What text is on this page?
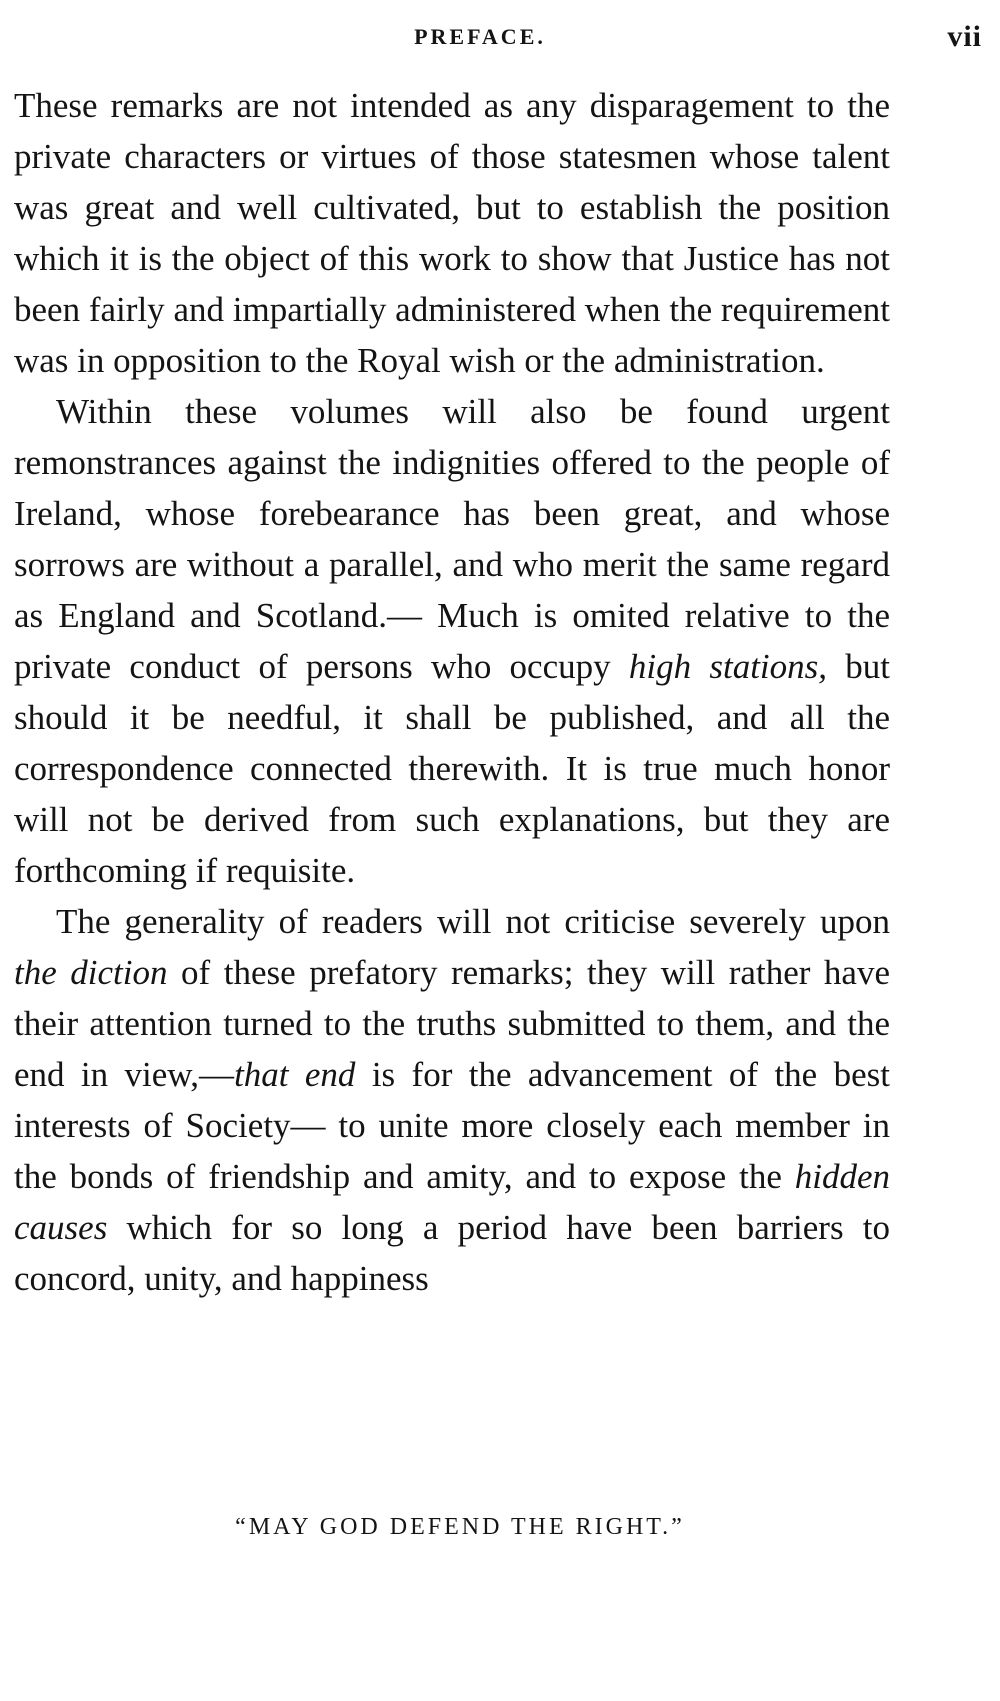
PREFACE.	vii

These remarks are not intended as any disparagement to the private characters or virtues of those statesmen whose talent was great and well cultivated, but to establish the position which it is the object of this work to show that Justice has not been fairly and impartially administered when the requirement was in opposition to the Royal wish or the administration.

Within these volumes will also be found urgent remonstrances against the indignities offered to the people of Ireland, whose forebearance has been great, and whose sorrows are without a parallel, and who merit the same regard as England and Scotland.— Much is omited relative to the private conduct of persons who occupy high stations, but should it be needful, it shall be published, and all the correspondence connected therewith. It is true much honor will not be derived from such explanations, but they are forthcoming if requisite.

The generality of readers will not criticise severely upon the diction of these prefatory remarks; they will rather have their attention turned to the truths submitted to them, and the end in view,—that end is for the advancement of the best interests of Society— to unite more closely each member in the bonds of friendship and amity, and to expose the hidden causes which for so long a period have been barriers to concord, unity, and happiness

“MAY GOD DEFEND THE RIGHT.”
